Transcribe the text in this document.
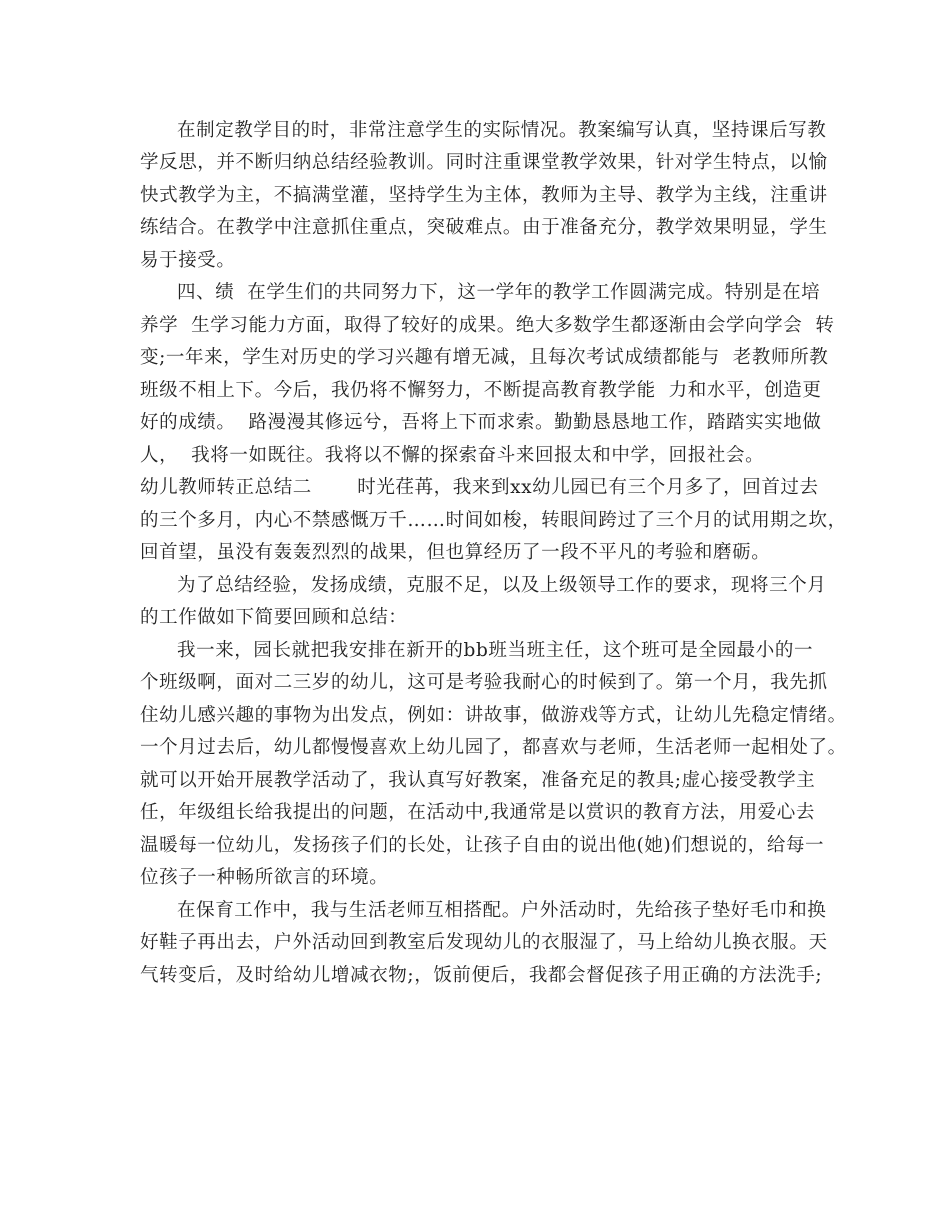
在制定教学目的时，非常注意学生的实际情况。教案编写认真，坚持课后写教
学反思，并不断归纳总结经验教训。同时注重课堂教学效果，针对学生特点，以愉
快式教学为主，不搞满堂灌，坚持学生为主体，教师为主导、教学为主线，注重讲
练结合。在教学中注意抓住重点，突破难点。由于准备充分，教学效果明显，学生
易于接受。
四、绩  在学生们的共同努力下，这一学年的教学工作圆满完成。特别是在培
养学  生学习能力方面，取得了较好的成果。绝大多数学生都逐渐由会学向学会  转
变;一年来，学生对历史的学习兴趣有增无减，且每次考试成绩都能与  老教师所教
班级不相上下。今后，我仍将不懈努力，不断提高教育教学能  力和水平，创造更
好的成绩。  路漫漫其修远兮，吾将上下而求索。勤勤恳恳地工作，踏踏实实地做
人，  我将一如既往。我将以不懈的探索奋斗来回报太和中学，回报社会。
幼儿教师转正总结二       时光荏苒，我来到xx幼儿园已有三个月多了，回首过去
的三个多月，内心不禁感慨万千……时间如梭，转眼间跨过了三个月的试用期之坎，
回首望，虽没有轰轰烈烈的战果，但也算经历了一段不平凡的考验和磨砺。
为了总结经验，发扬成绩，克服不足，以及上级领导工作的要求，现将三个月
的工作做如下简要回顾和总结：
我一来，园长就把我安排在新开的bb班当班主任，这个班可是全园最小的一
个班级啊，面对二三岁的幼儿，这可是考验我耐心的时候到了。第一个月，我先抓
住幼儿感兴趣的事物为出发点，例如：讲故事，做游戏等方式，让幼儿先稳定情绪。
一个月过去后，幼儿都慢慢喜欢上幼儿园了，都喜欢与老师，生活老师一起相处了。
就可以开始开展教学活动了，我认真写好教案，准备充足的教具;虚心接受教学主
任，年级组长给我提出的问题，在活动中,我通常是以赏识的教育方法，用爱心去
温暖每一位幼儿，发扬孩子们的长处，让孩子自由的说出他(她)们想说的，给每一
位孩子一种畅所欲言的环境。
在保育工作中，我与生活老师互相搭配。户外活动时，先给孩子垫好毛巾和换
好鞋子再出去，户外活动回到教室后发现幼儿的衣服湿了，马上给幼儿换衣服。天
气转变后，及时给幼儿增减衣物;，饭前便后，我都会督促孩子用正确的方法洗手;
